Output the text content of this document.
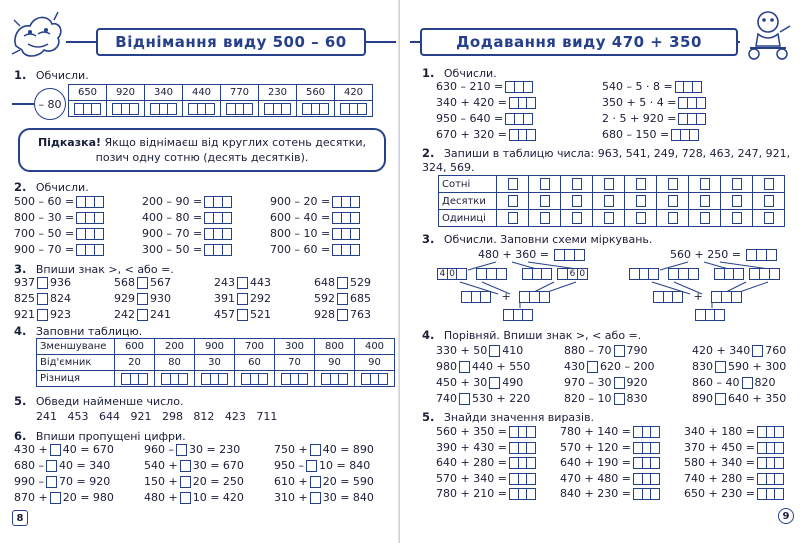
Віднімання виду 500 – 60
1. Обчисли.
– 80
650	920	340	440	770	230	560	420

Підказка! Якщо віднімаєш від круглих сотень десятки, позич одну сотню (десять десятків).
2. Обчисли.
500 – 60 =
800 – 30 =
700 – 50 =
900 – 70 =
200 – 90 =
400 – 80 =
900 – 70 =
300 – 50 =
900 – 20 =
600 – 40 =
800 – 10 =
700 – 60 =
3. Впиши знак >, < або =.
937 936	568 567	243 443	648 529
825 824	929 930	391 292	592 685
921 923	242 241	457 521	928 763
4. Заповни таблицю.
Зменшуване	600	200	900	700	300	800	400
Від'ємник	20	80	30	60	70	90	90
Різниця	

5. Обведи найменше число.
241   453   644   921   298   812   423   711
6. Впиши пропущені цифри.
430 + 40 = 670
680 – 40 = 340
990 – 70 = 920
870 + 20 = 980
960 – 30 = 230
540 + 30 = 670
150 + 20 = 250
480 + 10 = 420
750 + 40 = 890
950 – 10 = 840
610 + 20 = 590
310 + 30 = 840
8
Додавання виду 470 + 350
1. Обчисли.
630 – 210 =
340 + 420 =
950 – 640 =
670 + 320 =
540 – 5 · 8 =
350 + 5 · 4 =
2 · 5 + 920 =
680 – 150 =
2. Запиши в таблицю числа: 963, 541, 249, 728, 463, 247, 921, 324, 569.
Сотні									
Десятки									
Одиниці									
3. Обчисли. Заповни схеми міркувань.
480 + 360 =
4 0	6 0
+
560 + 250 =
+
4. Порівняй. Впиши знак >, < або =.
330 + 50 410	880 – 70 790	420 + 340 760
980 440 + 550	430 620 – 200	830 590 + 300
450 + 30 490	970 – 30 920	860 – 40 820
740 530 + 220	820 – 10 830	890 640 + 350
5. Знайди значення виразів.
560 + 350 =
390 + 430 =
640 + 280 =
570 + 340 =
780 + 210 =
780 + 140 =
570 + 120 =
640 + 190 =
470 + 480 =
840 + 230 =
340 + 180 =
370 + 450 =
580 + 340 =
740 + 280 =
650 + 230 =
9
